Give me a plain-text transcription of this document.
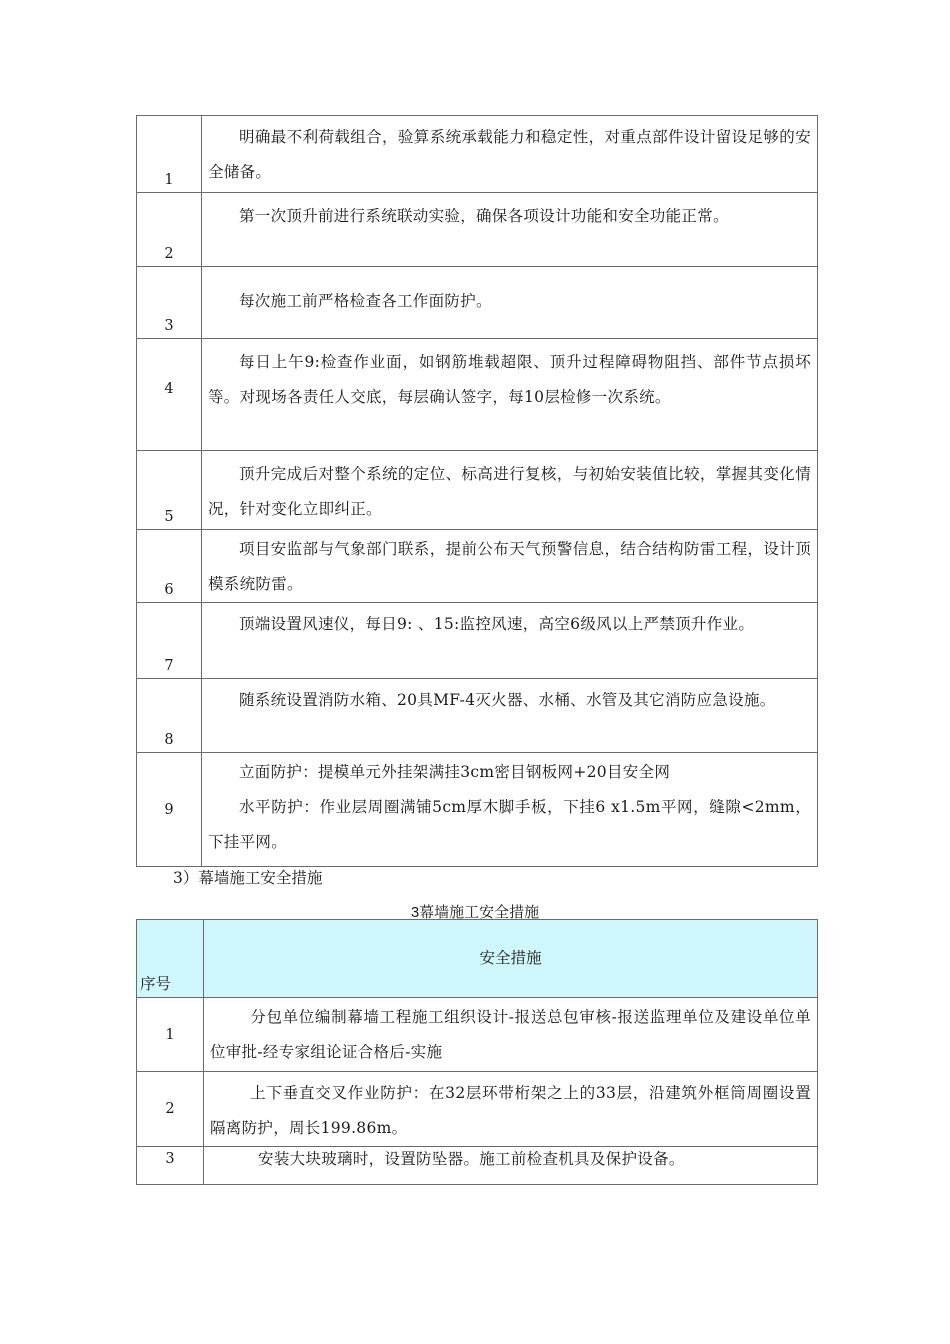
1	明确最不利荷载组合，验算系统承载能力和稳定性，对重点部件设计留设足够的安全储备。

2	第一次顶升前进行系统联动实验，确保各项设计功能和安全功能正常。

3	每次施工前严格检查各工作面防护。

4	每日上午9:检查作业面，如钢筋堆载超限、顶升过程障碍物阻挡、部件节点损坏等。对现场各责任人交底，每层确认签字，每10层检修一次系统。

5	顶升完成后对整个系统的定位、标高进行复核，与初始安装值比较，掌握其变化情况，针对变化立即纠正。

6	项目安监部与气象部门联系，提前公布天气预警信息，结合结构防雷工程，设计顶模系统防雷。

7	顶端设置风速仪，每日9: 、15:监控风速，高空6级风以上严禁顶升作业。

8	随系统设置消防水箱、20具MF-4灭火器、水桶、水管及其它消防应急设施。

9	立面防护：提模单元外挂架满挂3cm密目钢板网+20目安全网

水平防护：作业层周圈满铺5cm厚木脚手板，下挂6 x1.5m平网，缝隙<2mm，下挂平网。

3）幕墙施工安全措施
3幕墙施工安全措施
序号	安全措施
1	分包单位编制幕墙工程施工组织设计-报送总包审核-报送监理单位及建设单位单位审批-经专家组论证合格后-实施

2	上下垂直交叉作业防护：在32层环带桁架之上的33层，沿建筑外框筒周圈设置隔离防护，周长199.86m。

3	安装大块玻璃时，设置防坠器。施工前检查机具及保护设备。
